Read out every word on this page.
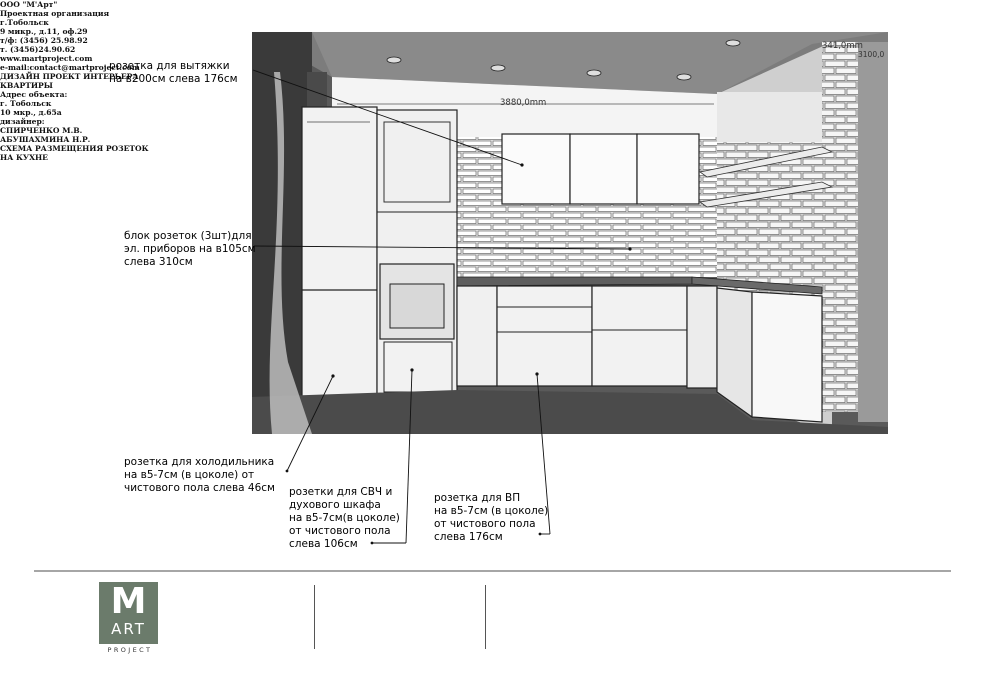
3880,0mm
341,0mm
3100,0
розетка для вытяжки
на в200см слева 176см
блок розеток (3шт)для
эл. приборов на в105см
слева 310см
розетка для холодильника
на в5-7см (в цоколе) от
чистового пола слева 46см розетки для СВЧ и
духового шкафа
на в5-7см(в цоколе)
от чистового пола
слева 106см
розетка для ВП
на в5-7см (в цоколе)
от чистового пола
слева 176см
M
ART
PROJECT
ООО "М'Арт"
Проектная организация
г.Тобольск
9 микр., д.11, оф.29
т/ф: (3456) 25.98.92
т. (3456)24.90.62
www.martproject.com
e-mail:contact@martproject.com
ДИЗАЙН ПРОЕКТ ИНТЕРЬЕРА
КВАРТИРЫ
Адрес объекта:
г. Тобольск
10 мкр., д.65а
дизайнер:
СПИРЧЕНКО М.В.
АБУШАХМИНА Н.Р.
СХЕМА РАЗМЕЩЕНИЯ РОЗЕТОК
НА КУХНЕ
